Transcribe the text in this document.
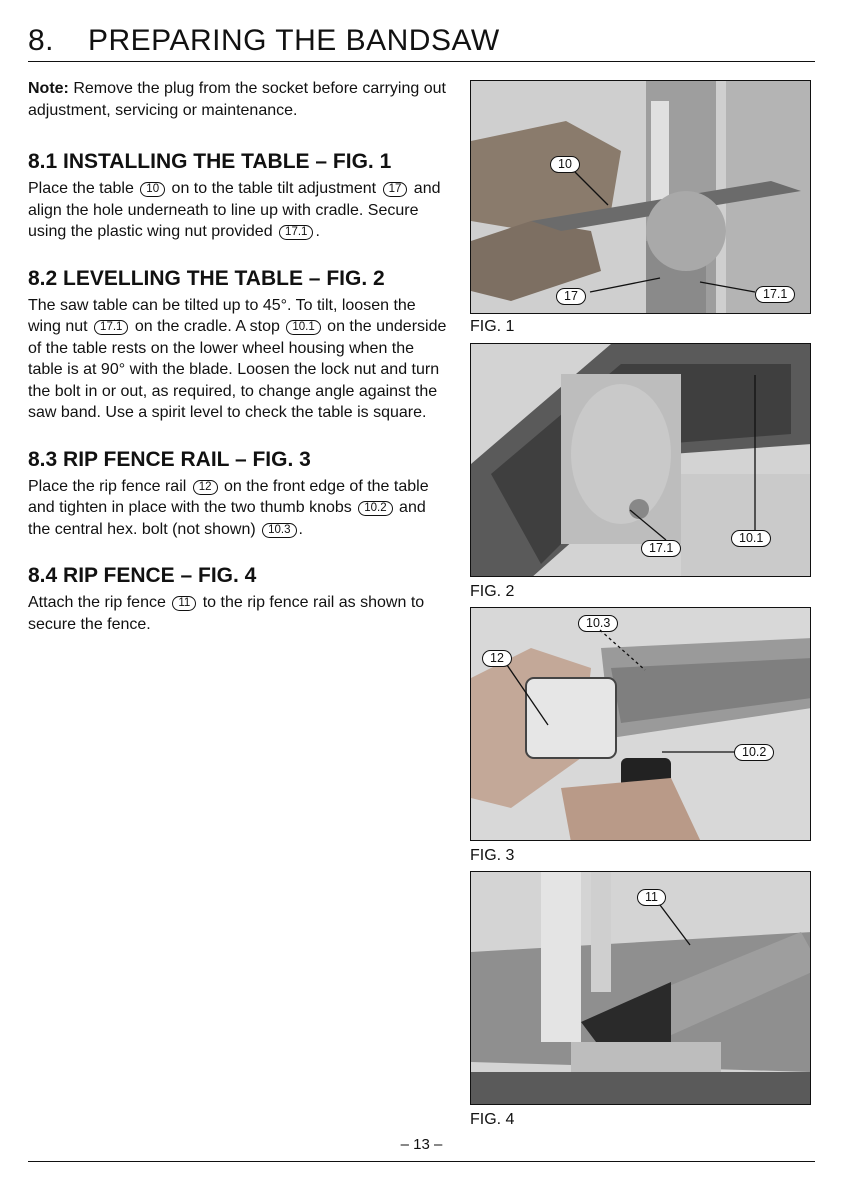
8. PREPARING THE BANDSAW

Note: Remove the plug from the socket before carrying out adjustment, servicing or maintenance.

8.1 INSTALLING THE TABLE – FIG. 1

Place the table 10 on to the table tilt adjustment 17 and align the hole underneath to line up with cradle. Secure using the plastic wing nut provided 17.1 .

8.2 LEVELLING THE TABLE – FIG. 2

The saw table can be tilted up to 45°. To tilt, loosen the wing nut 17.1 on the cradle. A stop 10.1 on the underside of the table rests on the lower wheel housing when the table is at 90° with the blade. Loosen the lock nut and turn the bolt in or out, as required, to change angle against the saw band. Use a spirit level to check the table is square.

8.3 RIP FENCE RAIL – FIG. 3

Place the rip fence rail 12 on the front edge of the table and tighten in place with the two thumb knobs 10.2 and the central hex. bolt (not shown) 10.3 .

8.4 RIP FENCE – FIG. 4

Attach the rip fence 11 to the rip fence rail as shown to secure the fence.

10
17	17.1
FIG. 1
10.1
17.1
FIG. 2
10.3
12
10.2
FIG. 3
11
FIG. 4
– 13 –
